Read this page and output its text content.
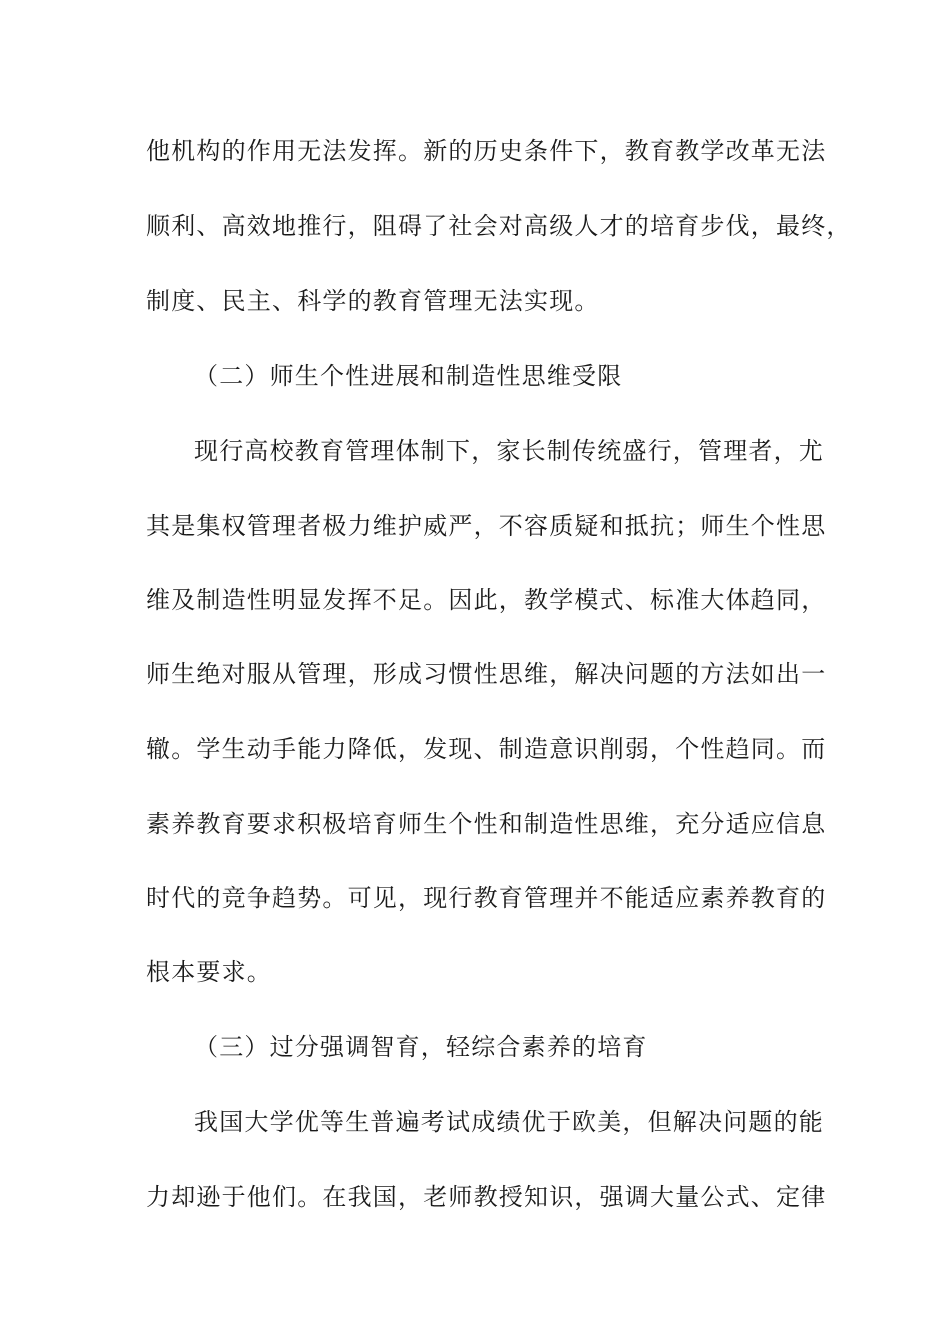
他机构的作用无法发挥。新的历史条件下，教育教学改革无法
顺利、高效地推行，阻碍了社会对高级人才的培育步伐，最终，
制度、民主、科学的教育管理无法实现。
（二）师生个性进展和制造性思维受限
现行高校教育管理体制下，家长制传统盛行，管理者，尤
其是集权管理者极力维护威严，不容质疑和抵抗；师生个性思
维及制造性明显发挥不足。因此，教学模式、标准大体趋同，
师生绝对服从管理，形成习惯性思维，解决问题的方法如出一
辙。学生动手能力降低，发现、制造意识削弱，个性趋同。而
素养教育要求积极培育师生个性和制造性思维，充分适应信息
时代的竞争趋势。可见，现行教育管理并不能适应素养教育的
根本要求。
（三）过分强调智育，轻综合素养的培育
我国大学优等生普遍考试成绩优于欧美，但解决问题的能
力却逊于他们。在我国，老师教授知识，强调大量公式、定律
